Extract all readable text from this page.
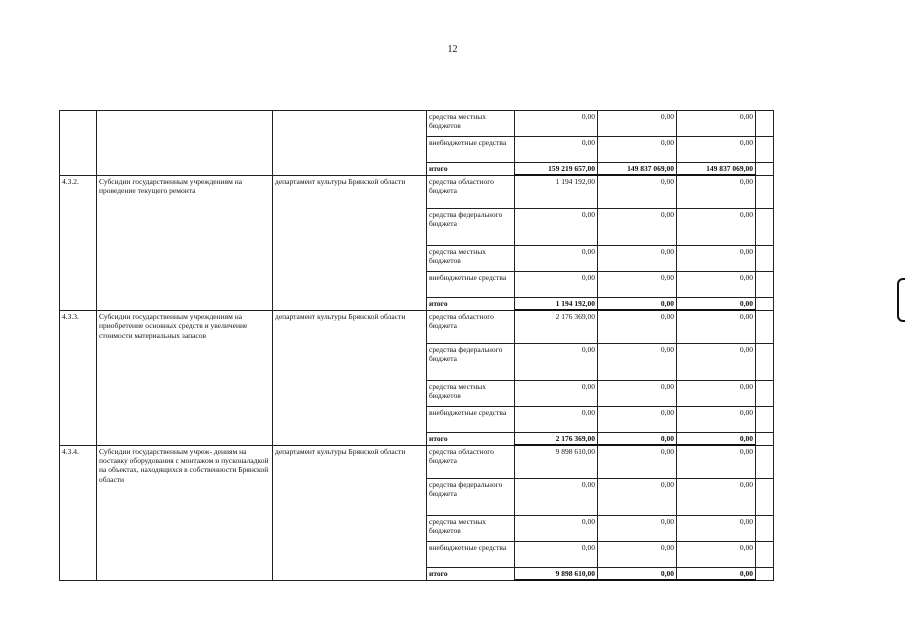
12
			средства местных бюджетов	0,00	0,00	0,00	
			внебюджетные средства	0,00	0,00	0,00	
			итого	159 219 657,00	149 837 069,00	149 837 069,00	
4.3.2.	Субсидии государственным учреждениям на проведение текущего ремонта	департамент культуры Брянской области	средства областного бюджета	1 194 192,00	0,00	0,00	
			средства федерального бюджета	0,00	0,00	0,00	
			средства местных бюджетов	0,00	0,00	0,00	
			внебюджетные средства	0,00	0,00	0,00	
			итого	1 194 192,00	0,00	0,00	
4.3.3.	Субсидии государственным учреждениям на приобретение основных средств и увеличение стоимости материальных запасов	департамент культуры Брянской области	средства областного бюджета	2 176 369,00	0,00	0,00	
			средства федерального бюджета	0,00	0,00	0,00	
			средства местных бюджетов	0,00	0,00	0,00	
			внебюджетные средства	0,00	0,00	0,00	
			итого	2 176 369,00	0,00	0,00	
4.3.4.	Субсидии государственным учреж- дениям на поставку оборудования с монтажом и пусконаладкой на объектах, находящихся в собственности Брянской области	департамент культуры Брянской области	средства областного бюджета	9 898 610,00	0,00	0,00	
			средства федерального бюджета	0,00	0,00	0,00	
			средства местных бюджетов	0,00	0,00	0,00	
			внебюджетные средства	0,00	0,00	0,00	
			итого	9 898 610,00	0,00	0,00	
